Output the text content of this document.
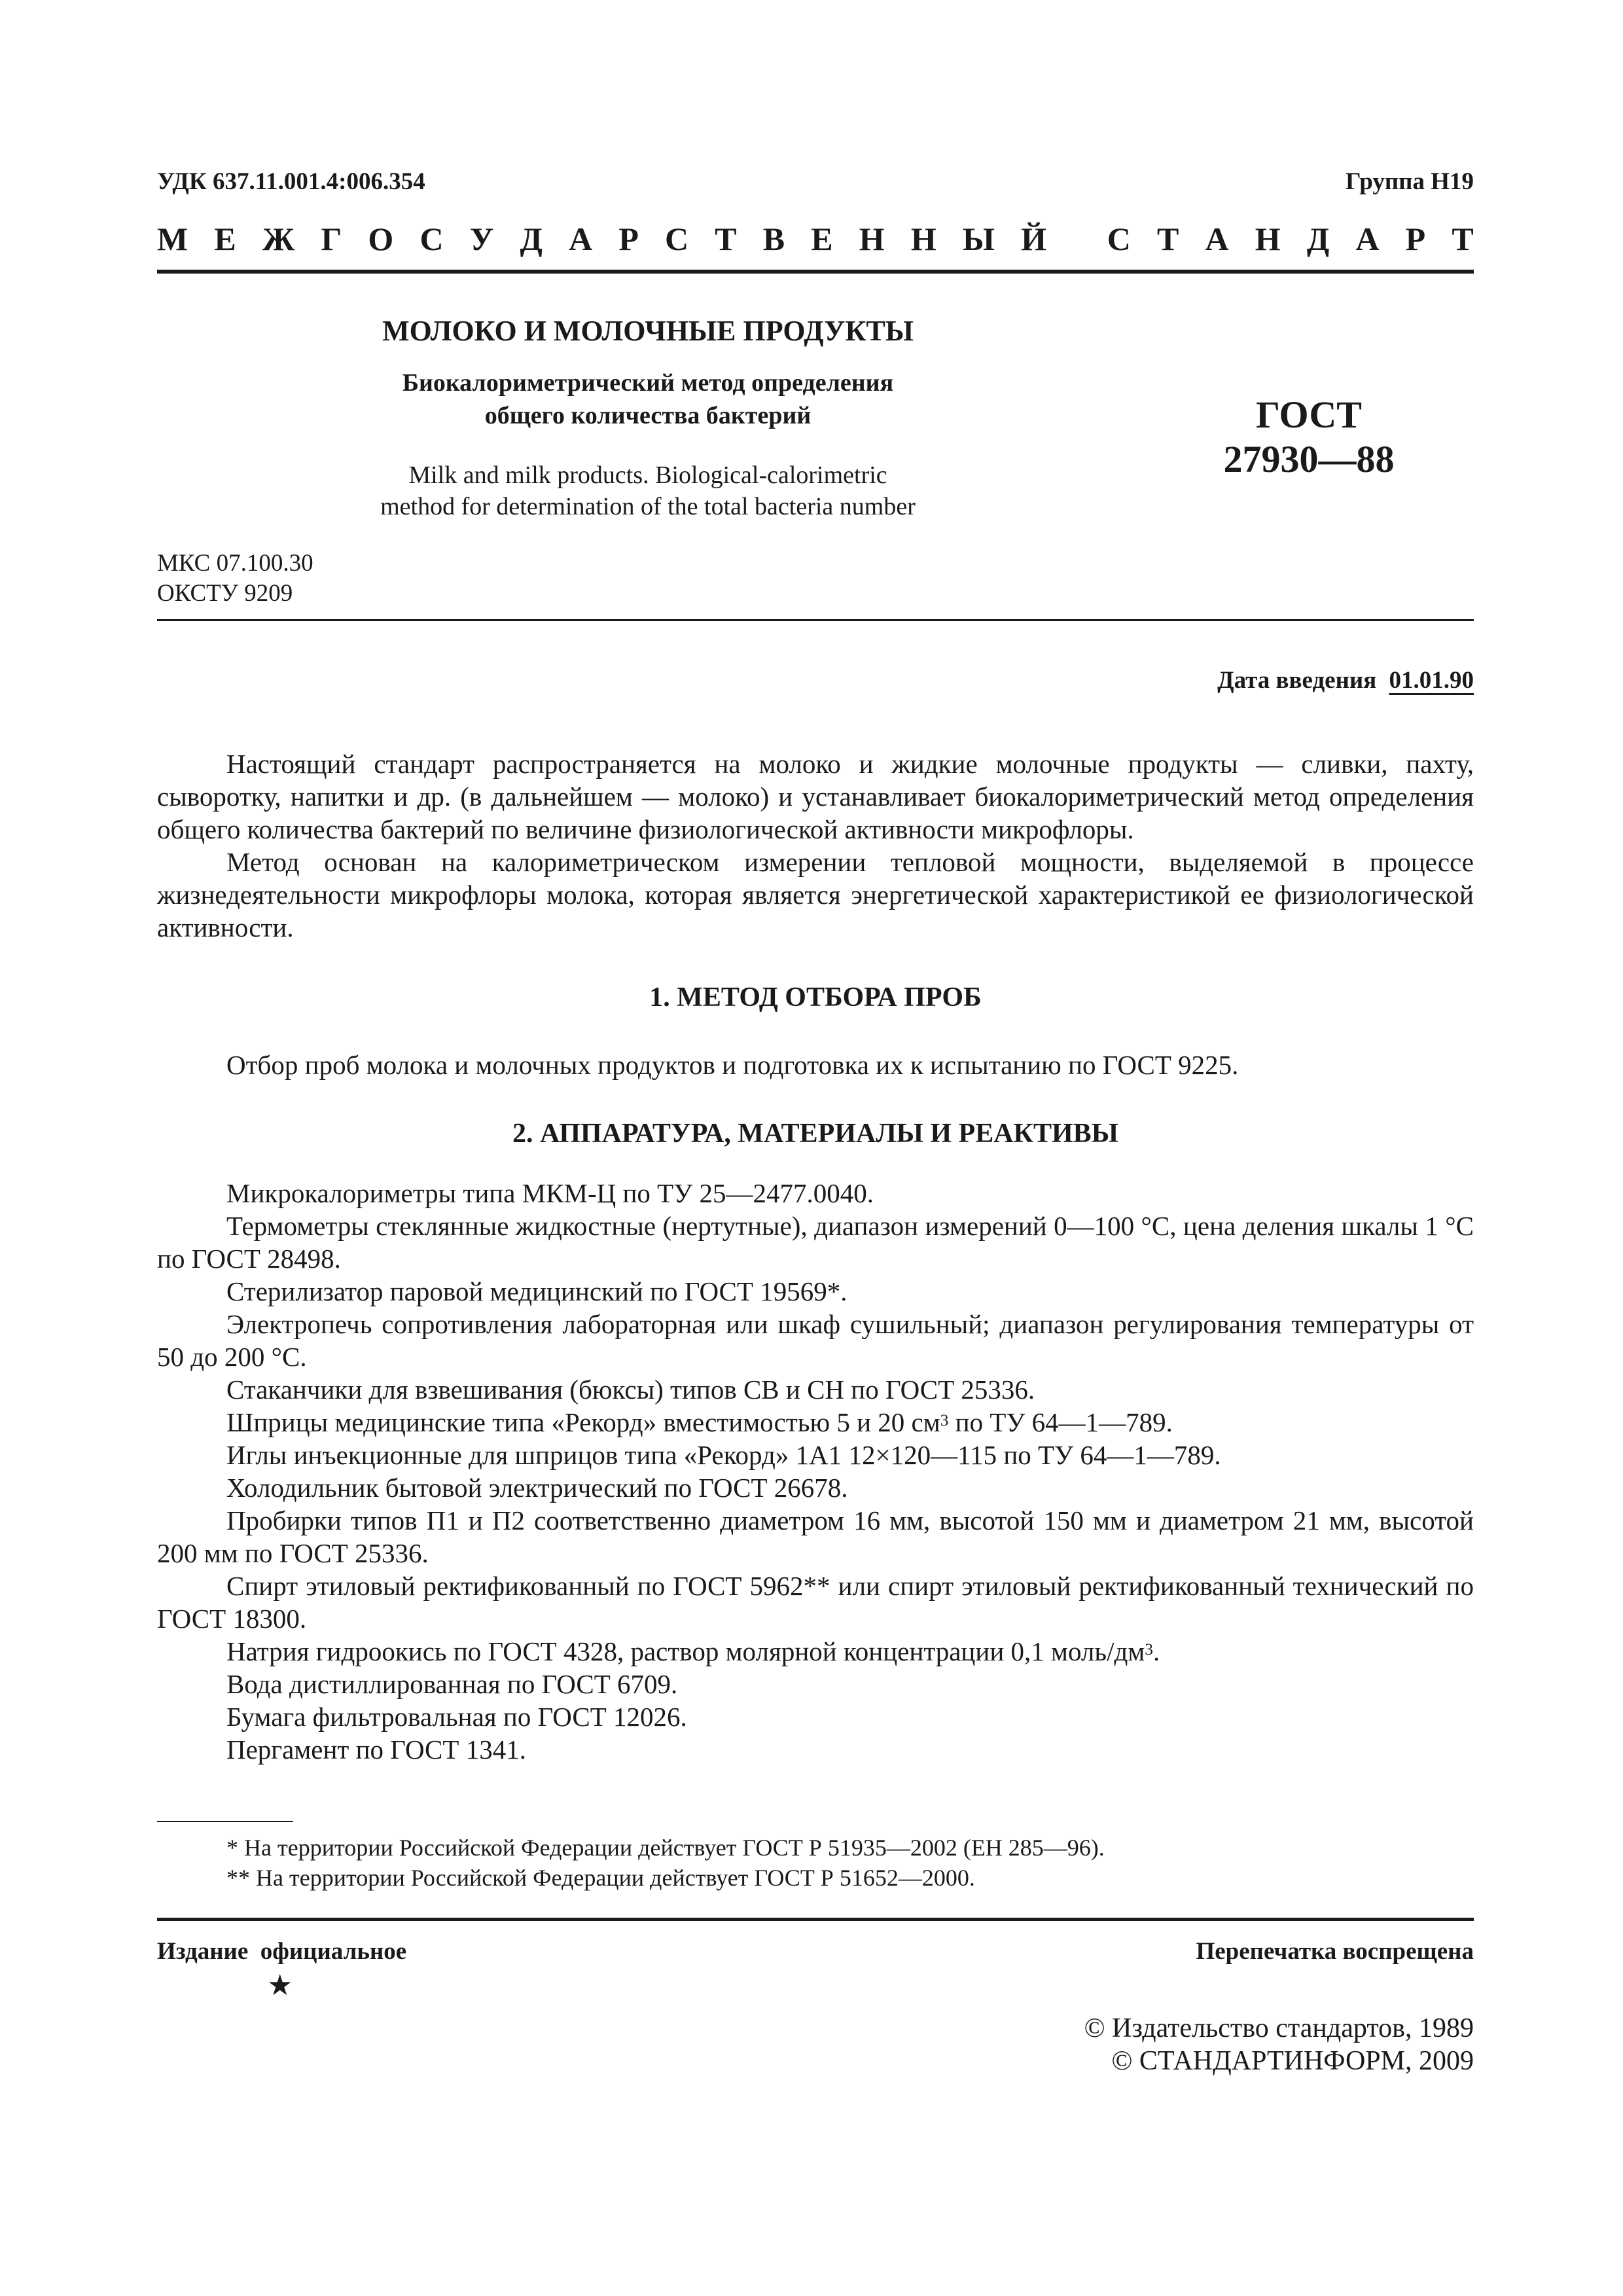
УДК 637.11.001.4:006.354	Группа Н19
М Е Ж Г О С У Д А Р С Т В Е Н Н Ы Й
С Т А Н Д А Р Т
МОЛОКО И МОЛОЧНЫЕ ПРОДУКТЫ
Биокалориметрический метод определения
общего количества бактерий
Milk and milk products. Biological-calorimetric
method for determination of the total bacteria number
ГОСТ
27930—88
МКС 07.100.30
ОКСТУ 9209
Дата введения 01.01.90

Настоящий стандарт распространяется на молоко и жидкие молочные продукты — сливки, пахту, сыворотку, напитки и др. (в дальнейшем — молоко) и устанавливает биокалориметрический метод определения общего количества бактерий по величине физиологической активности микрофлоры.

Метод основан на калориметрическом измерении тепловой мощности, выделяемой в процессе жизнедеятельности микрофлоры молока, которая является энергетической характеристикой ее физиологической активности.

1. МЕТОД ОТБОРА ПРОБ

Отбор проб молока и молочных продуктов и подготовка их к испытанию по ГОСТ 9225.

2. АППАРАТУРА, МАТЕРИАЛЫ И РЕАКТИВЫ

Микрокалориметры типа МКМ-Ц по ТУ 25—2477.0040.

Термометры стеклянные жидкостные (нертутные), диапазон измерений 0—100 °С, цена деления шкалы 1 °С по ГОСТ 28498.

Стерилизатор паровой медицинский по ГОСТ 19569*.

Электропечь сопротивления лабораторная или шкаф сушильный; диапазон регулирования температуры от 50 до 200 °С.

Стаканчики для взвешивания (бюксы) типов СВ и СН по ГОСТ 25336.

Шприцы медицинские типа «Рекорд» вместимостью 5 и 20 $см^3$ по ТУ 64—1—789.

Иглы инъекционные для шприцов типа «Рекорд» 1А1 12×120—115 по ТУ 64—1—789.

Холодильник бытовой электрический по ГОСТ 26678.

Пробирки типов П1 и П2 соответственно диаметром 16 мм, высотой 150 мм и диаметром 21 мм, высотой 200 мм по ГОСТ 25336.

Спирт этиловый ректификованный по ГОСТ 5962** или спирт этиловый ректификованный технический по ГОСТ 18300.

Натрия гидроокись по ГОСТ 4328, раствор молярной концентрации 0,1 моль/$дм^3$.

Вода дистиллированная по ГОСТ 6709.

Бумага фильтровальная по ГОСТ 12026.

Пергамент по ГОСТ 1341.

* На территории Российской Федерации действует ГОСТ Р 51935—2002 (ЕН 285—96).

** На территории Российской Федерации действует ГОСТ Р 51652—2000.

Издание  официальное
★
Перепечатка воспрещена
© Издательство стандартов, 1989
© СТАНДАРТИНФОРМ, 2009
